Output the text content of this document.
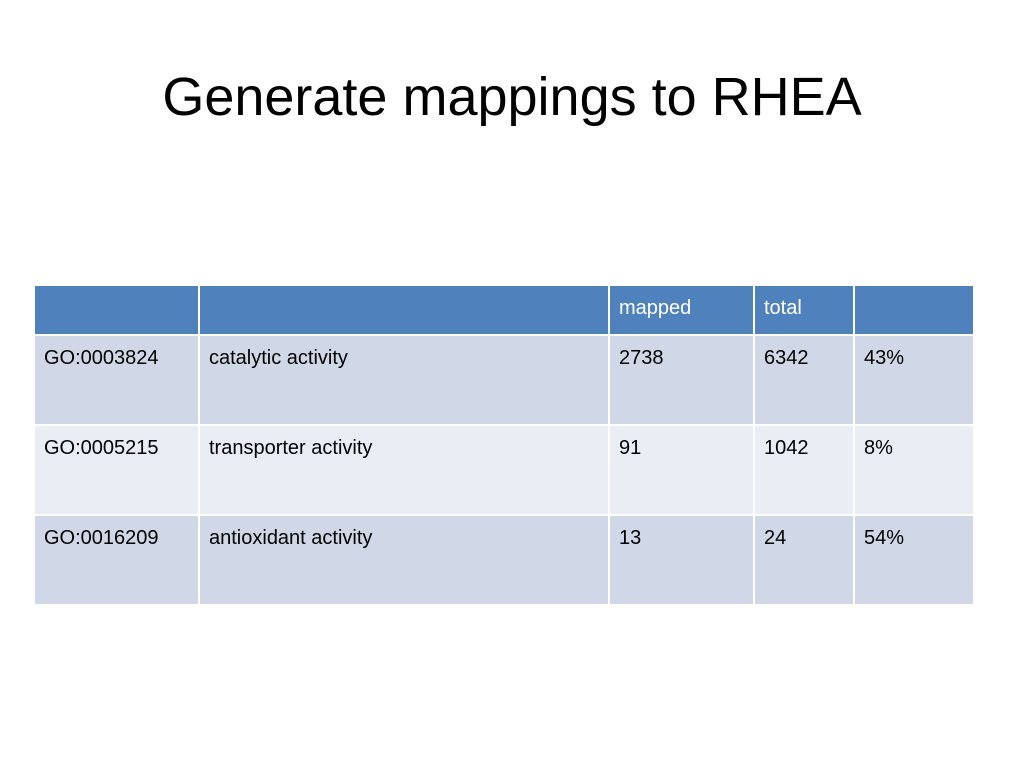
Generate mappings to RHEA
		mapped	total	
GO:0003824	catalytic activity	2738	6342	43%
GO:0005215	transporter activity	91	1042	8%
GO:0016209	antioxidant activity	13	24	54%
